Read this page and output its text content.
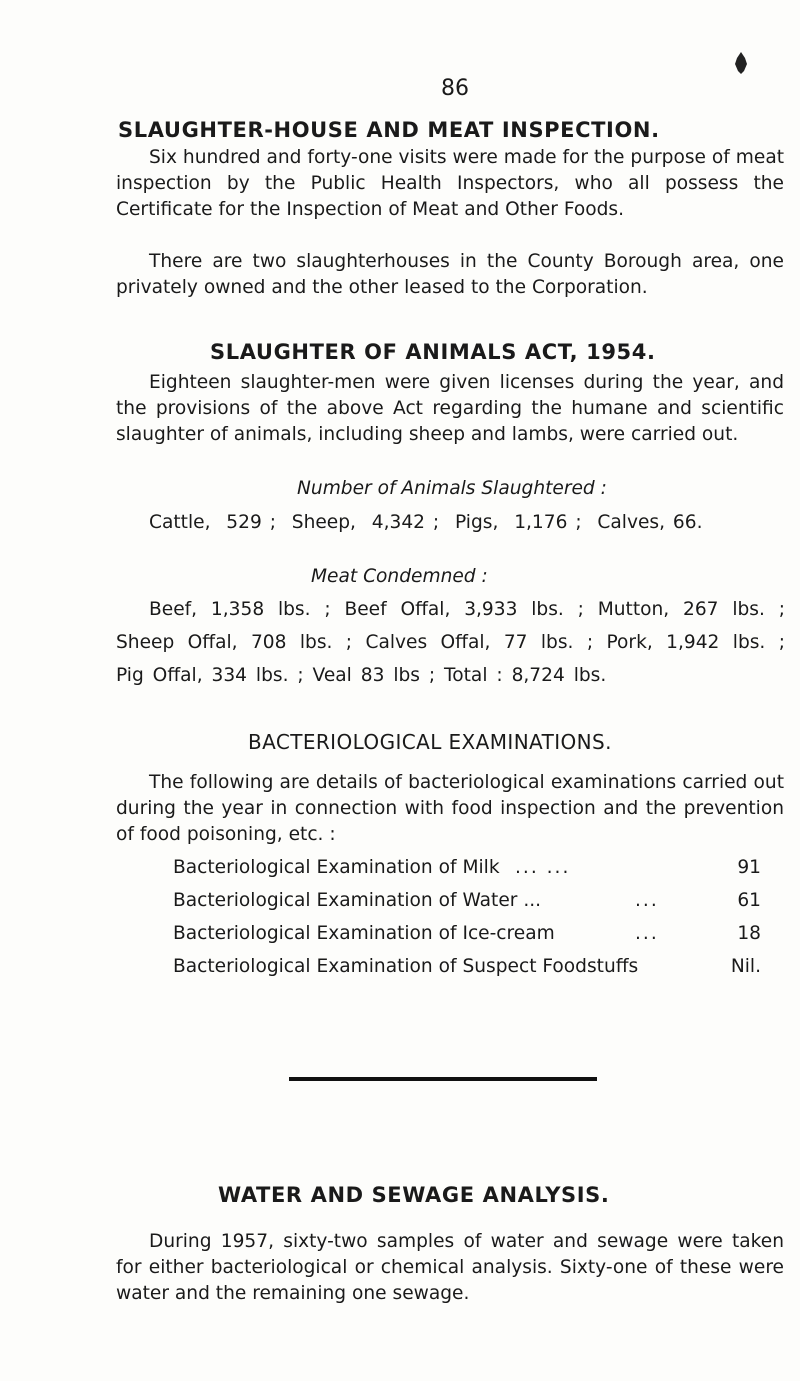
86
SLAUGHTER-HOUSE AND MEAT INSPECTION.
Six hundred and forty-one visits were made for the purpose of meat inspection by the Public Health Inspectors, who all possess the Certificate for the Inspection of Meat and Other Foods.
There are two slaughterhouses in the County Borough area, one privately owned and the other leased to the Corporation.
SLAUGHTER OF ANIMALS ACT, 1954.
Eighteen slaughter-men were given licenses during the year, and the provisions of the above Act regarding the humane and scientific slaughter of animals, including sheep and lambs, were carried out.
Number of Animals Slaughtered :
Cattle,  529 ;  Sheep,  4,342 ;  Pigs,  1,176 ;  Calves, 66.
Meat Condemned :
Beef, 1,358 lbs. ; Beef Offal, 3,933 lbs. ; Mutton, 267 lbs. ;
Sheep Offal, 708 lbs. ; Calves Offal, 77 lbs. ; Pork, 1,942 lbs. ;
Pig Offal, 334 lbs. ; Veal 83 lbs ; Total : 8,724 lbs.
BACTERIOLOGICAL EXAMINATIONS.
The following are details of bacteriological examinations carried out during the year in connection with food inspection and the prevention of food poisoning, etc. :
Bacteriological Examination of Milk ... ...	91
Bacteriological Examination of Water ...	...	61
Bacteriological Examination of Ice-cream	...	18
Bacteriological Examination of Suspect Foodstuffs	Nil.
WATER AND SEWAGE ANALYSIS.
During 1957, sixty-two samples of water and sewage were taken for either bacteriological or chemical analysis. Sixty-one of these were water and the remaining one sewage.
